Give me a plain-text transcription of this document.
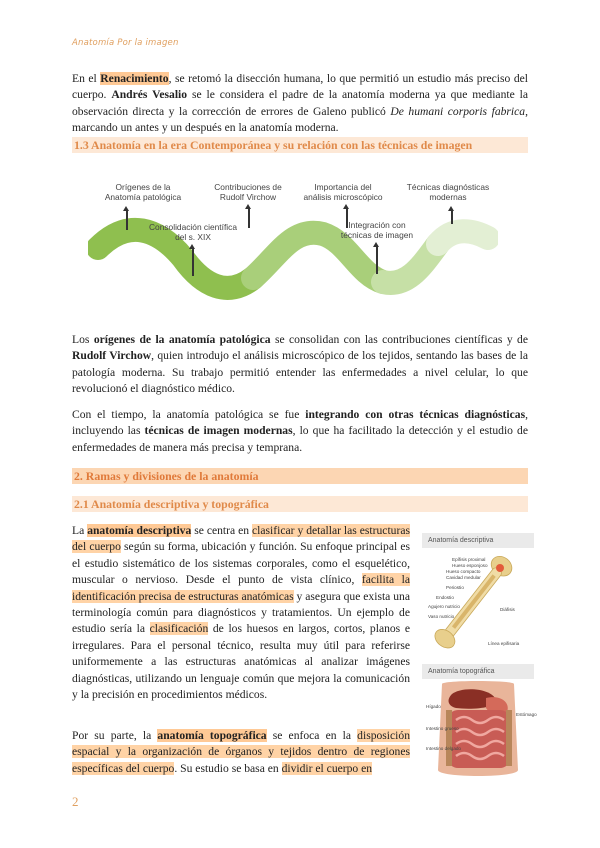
Anatomía Por la imagen

En el Renacimiento, se retomó la disección humana, lo que permitió un estudio más preciso del cuerpo. Andrés Vesalio se le considera el padre de la anatomía moderna ya que mediante la observación directa y la corrección de errores de Galeno publicó De humani corporis fabrica, marcando un antes y un después en la anatomía moderna.

1.3 Anatomía en la era Contemporánea y su relación con las técnicas de imagen
Orígenes de la Anatomía patológica
Contribuciones de Rudolf Virchow
Importancia del análisis microscópico
Técnicas diagnósticas modernas
Consolidación científica del s. XIX
Integración con técnicas de imagen

Los orígenes de la anatomía patológica se consolidan con las contribuciones científicas y de Rudolf Virchow, quien introdujo el análisis microscópico de los tejidos, sentando las bases de la patología moderna. Su trabajo permitió entender las enfermedades a nivel celular, lo que revolucionó el diagnóstico médico.

Con el tiempo, la anatomía patológica se fue integrando con otras técnicas diagnósticas, incluyendo las técnicas de imagen modernas, lo que ha facilitado la detección y el estudio de enfermedades de manera más precisa y temprana.

2. Ramas y divisiones de la anatomía
2.1 Anatomía descriptiva y topográfica

La anatomía descriptiva se centra en clasificar y detallar las estructuras del cuerpo según su forma, ubicación y función. Su enfoque principal es el estudio sistemático de los sistemas corporales, como el esquelético, muscular o nervioso. Desde el punto de vista clínico, facilita la identificación precisa de estructuras anatómicas y asegura que exista una terminología común para diagnósticos y tratamientos. Un ejemplo de estudio sería la clasificación de los huesos en largos, cortos, planos e irregulares. Para el personal técnico, resulta muy útil para referirse uniformemente a las estructuras anatómicas al analizar imágenes diagnósticas, utilizando un lenguaje común que mejora la comunicación y la precisión en procedimientos médicos.

Por su parte, la anatomía topográfica se enfoca en la disposición espacial y la organización de órganos y tejidos dentro de regiones específicas del cuerpo. Su estudio se basa en dividir el cuerpo en

Anatomía descriptiva
Epífisis proximal
Hueso esponjoso
Hueso compacto
Cavidad medular
Periostio
Endostio
Agujero nutricio
Vaso nutricio
Diáfisis
Línea epifisaria
Anatomía topográfica
Hígado
Intestino grueso
Intestino delgado
Estómago
2
